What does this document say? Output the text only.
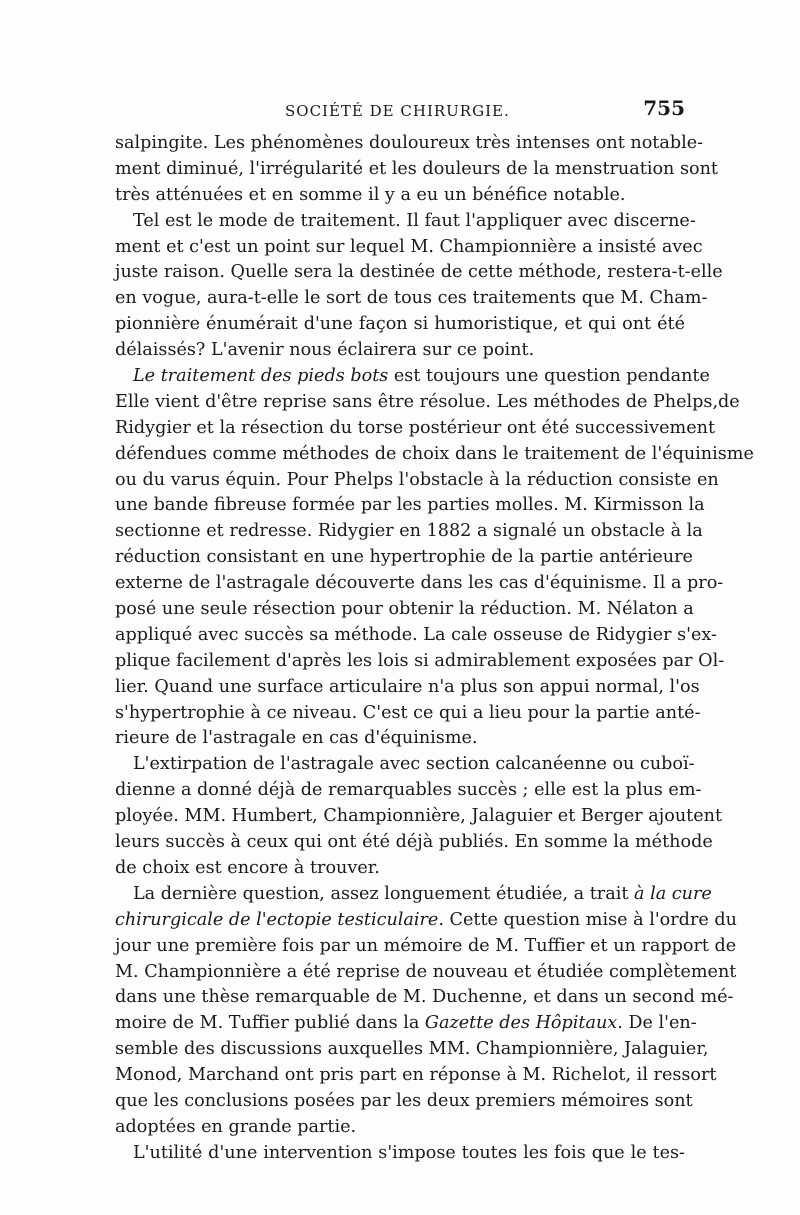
SOCIÉTÉ DE CHIRURGIE.	755
salpingite. Les phénomènes douloureux très intenses ont notable-
ment diminué, l'irrégularité et les douleurs de la menstruation sont
très atténuées et en somme il y a eu un bénéfice notable.
Tel est le mode de traitement. Il faut l'appliquer avec discerne-
ment et c'est un point sur lequel M. Championnière a insisté avec
juste raison. Quelle sera la destinée de cette méthode, restera-t-elle
en vogue, aura-t-elle le sort de tous ces traitements que M. Cham-
pionnière énumérait d'une façon si humoristique, et qui ont été
délaissés? L'avenir nous éclairera sur ce point.
Le traitement des pieds bots est toujours une question pendante
Elle vient d'être reprise sans être résolue. Les méthodes de Phelps,de
Ridygier et la résection du torse postérieur ont été successivement
défendues comme méthodes de choix dans le traitement de l'équinisme
ou du varus équin. Pour Phelps l'obstacle à la réduction consiste en
une bande fibreuse formée par les parties molles. M. Kirmisson la
sectionne et redresse. Ridygier en 1882 a signalé un obstacle à la
réduction consistant en une hypertrophie de la partie antérieure
externe de l'astragale découverte dans les cas d'équinisme. Il a pro-
posé une seule résection pour obtenir la réduction. M. Nélaton a
appliqué avec succès sa méthode. La cale osseuse de Ridygier s'ex-
plique facilement d'après les lois si admirablement exposées par Ol-
lier. Quand une surface articulaire n'a plus son appui normal, l'os
s'hypertrophie à ce niveau. C'est ce qui a lieu pour la partie anté-
rieure de l'astragale en cas d'équinisme.
L'extirpation de l'astragale avec section calcanéenne ou cuboï-
dienne a donné déjà de remarquables succès ; elle est la plus em-
ployée. MM. Humbert, Championnière, Jalaguier et Berger ajoutent
leurs succès à ceux qui ont été déjà publiés. En somme la méthode
de choix est encore à trouver.
La dernière question, assez longuement étudiée, a trait à la cure
chirurgicale de l'ectopie testiculaire. Cette question mise à l'ordre du
jour une première fois par un mémoire de M. Tuffier et un rapport de
M. Championnière a été reprise de nouveau et étudiée complètement
dans une thèse remarquable de M. Duchenne, et dans un second mé-
moire de M. Tuffier publié dans la Gazette des Hôpitaux. De l'en-
semble des discussions auxquelles MM. Championnière, Jalaguier,
Monod, Marchand ont pris part en réponse à M. Richelot, il ressort
que les conclusions posées par les deux premiers mémoires sont
adoptées en grande partie.
L'utilité d'une intervention s'impose toutes les fois que le tes-
